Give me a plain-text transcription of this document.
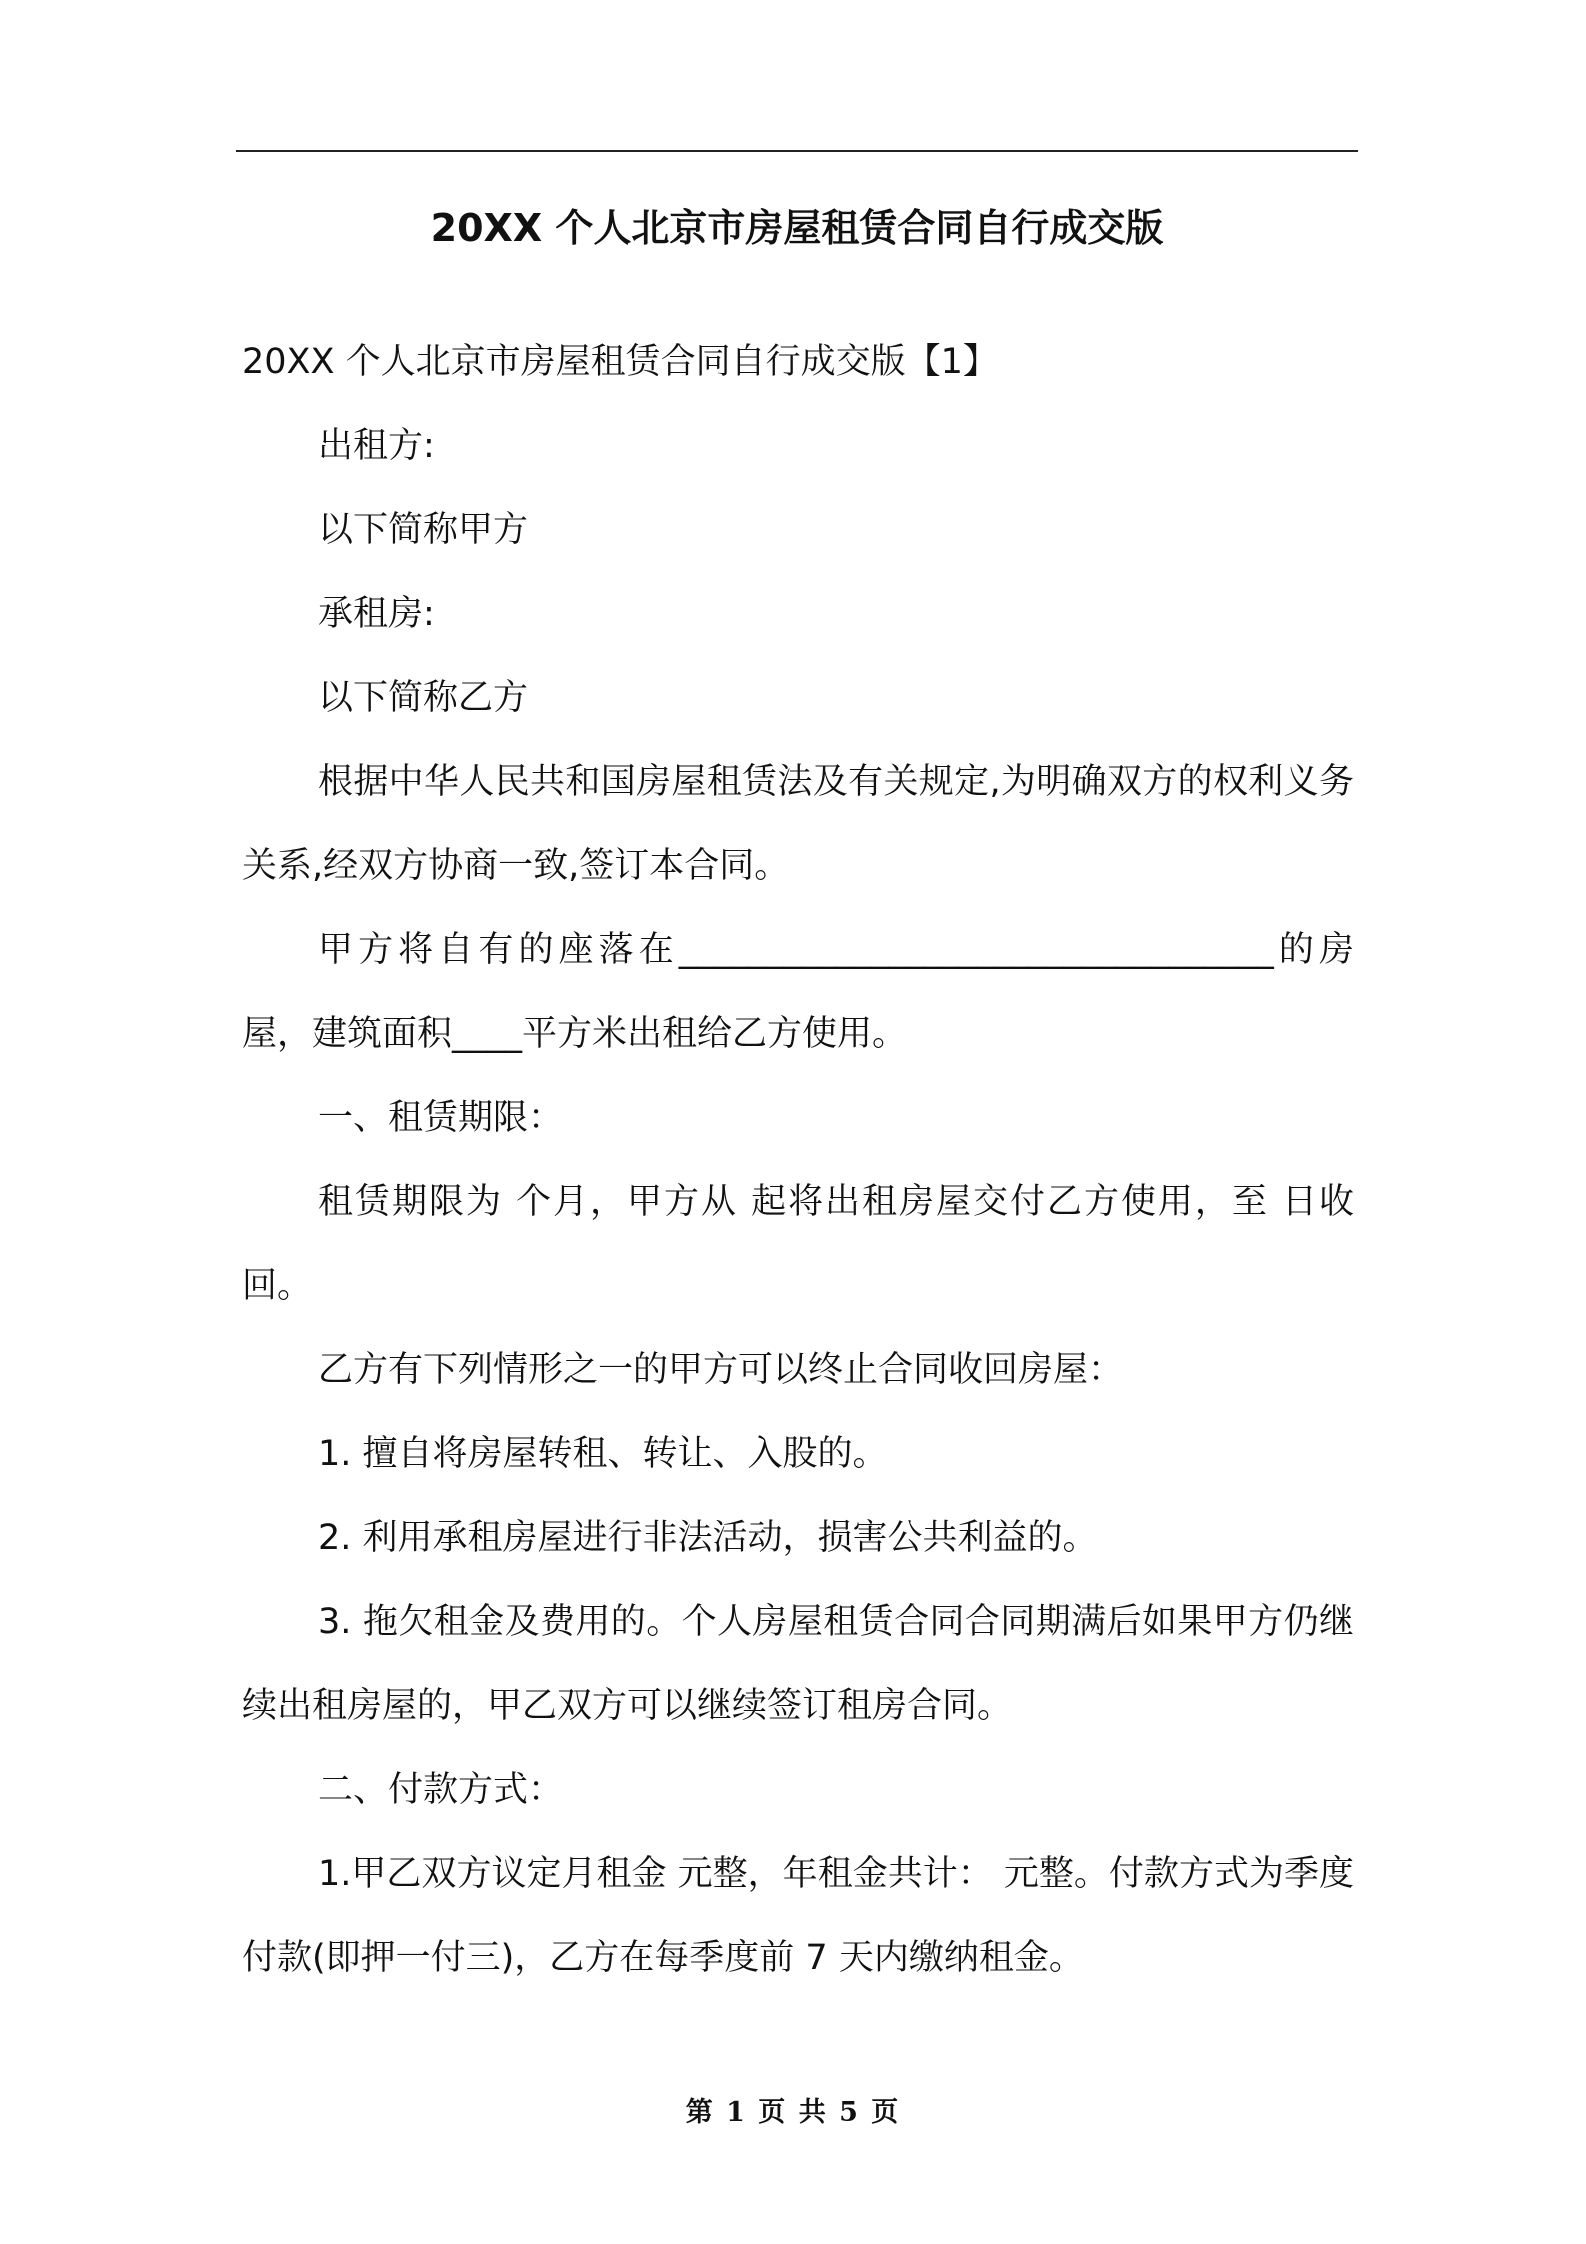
20XX 个人北京市房屋租赁合同自行成交版

20XX 个人北京市房屋租赁合同自行成交版【1】

出租方:

以下简称甲方

承租房:

以下简称乙方

根据中华人民共和国房屋租赁法及有关规定,为明确双方的权利义务关系,经双方协商一致,签订本合同。

甲方将自有的座落在__________________________________的房屋，建筑面积____平方米出租给乙方使用。

一、租赁期限：

租赁期限为 个月，甲方从 起将出租房屋交付乙方使用，至 日收回。

乙方有下列情形之一的甲方可以终止合同收回房屋：

1. 擅自将房屋转租、转让、入股的。

2. 利用承租房屋进行非法活动，损害公共利益的。

3. 拖欠租金及费用的。个人房屋租赁合同合同期满后如果甲方仍继续出租房屋的，甲乙双方可以继续签订租房合同。

二、付款方式：

1.甲乙双方议定月租金 元整，年租金共计： 元整。付款方式为季度付款(即押一付三)，乙方在每季度前 7 天内缴纳租金。

第 1 页 共 5 页
